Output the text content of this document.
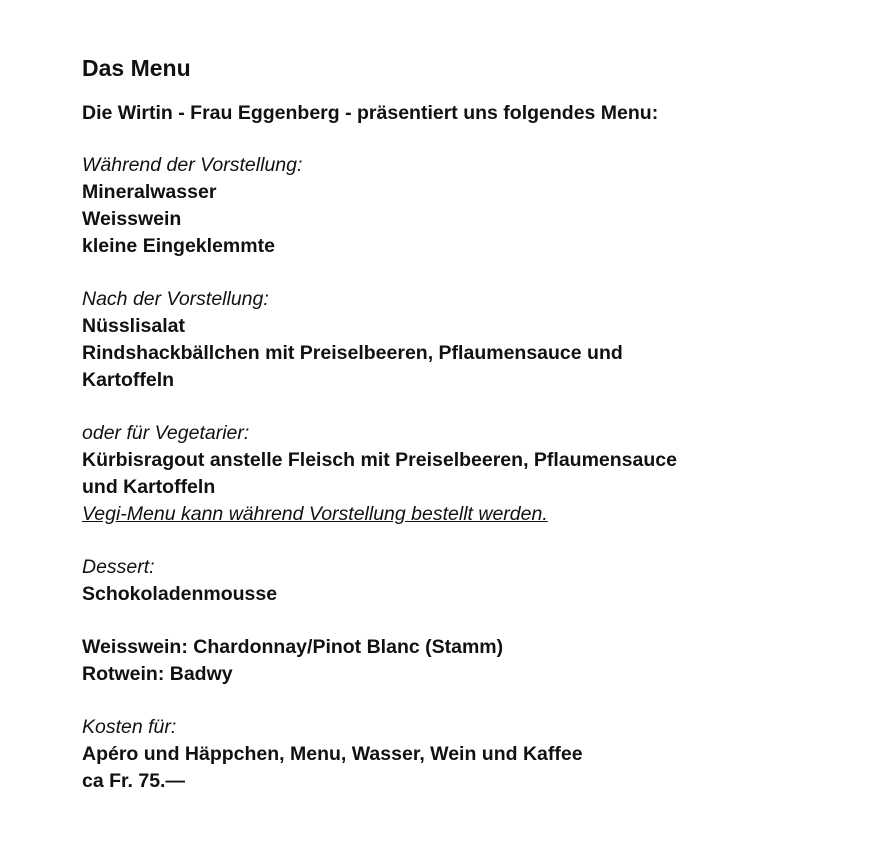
Das Menu
Die Wirtin - Frau Eggenberg - präsentiert uns folgendes Menu:
Während der Vorstellung:
Mineralwasser
Weisswein
kleine Eingeklemmte
Nach der Vorstellung:
Nüsslisalat
Rindshackbällchen mit Preiselbeeren, Pflaumensauce und
Kartoffeln
oder für Vegetarier:
Kürbisragout anstelle Fleisch mit Preiselbeeren, Pflaumensauce
und Kartoffeln
Vegi-Menu kann während Vorstellung bestellt werden.
Dessert:
Schokoladenmousse
Weisswein: Chardonnay/Pinot Blanc (Stamm)
Rotwein: Badwy
Kosten für:
Apéro und Häppchen, Menu, Wasser, Wein und Kaffee
ca Fr. 75.—
